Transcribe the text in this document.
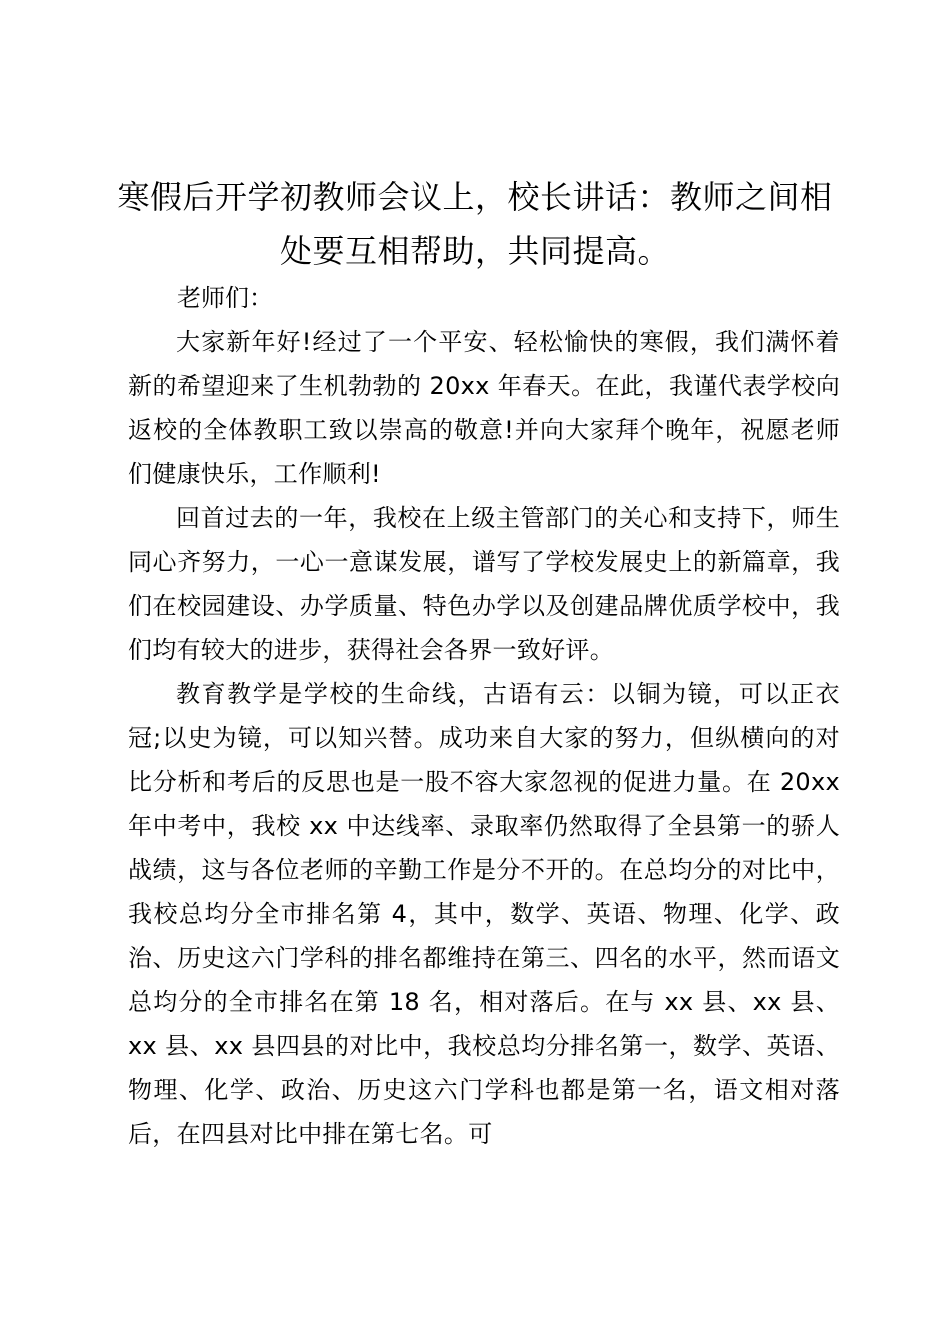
寒假后开学初教师会议上，校长讲话：教师之间相处要互相帮助，共同提高。

老师们：

大家新年好!经过了一个平安、轻松愉快的寒假，我们满怀着新的希望迎来了生机勃勃的 20xx 年春天。在此，我谨代表学校向返校的全体教职工致以崇高的敬意!并向大家拜个晚年，祝愿老师们健康快乐，工作顺利!

回首过去的一年，我校在上级主管部门的关心和支持下，师生同心齐努力，一心一意谋发展，谱写了学校发展史上的新篇章，我们在校园建设、办学质量、特色办学以及创建品牌优质学校中，我们均有较大的进步，获得社会各界一致好评。

教育教学是学校的生命线，古语有云：以铜为镜，可以正衣冠;以史为镜，可以知兴替。成功来自大家的努力，但纵横向的对比分析和考后的反思也是一股不容大家忽视的促进力量。在 20xx 年中考中，我校 xx 中达线率、录取率仍然取得了全县第一的骄人战绩，这与各位老师的辛勤工作是分不开的。在总均分的对比中，我校总均分全市排名第 4，其中，数学、英语、物理、化学、政治、历史这六门学科的排名都维持在第三、四名的水平，然而语文总均分的全市排名在第 18 名，相对落后。在与 xx 县、xx 县、xx 县、xx 县四县的对比中，我校总均分排名第一，数学、英语、物理、化学、政治、历史这六门学科也都是第一名，语文相对落后，在四县对比中排在第七名。可
